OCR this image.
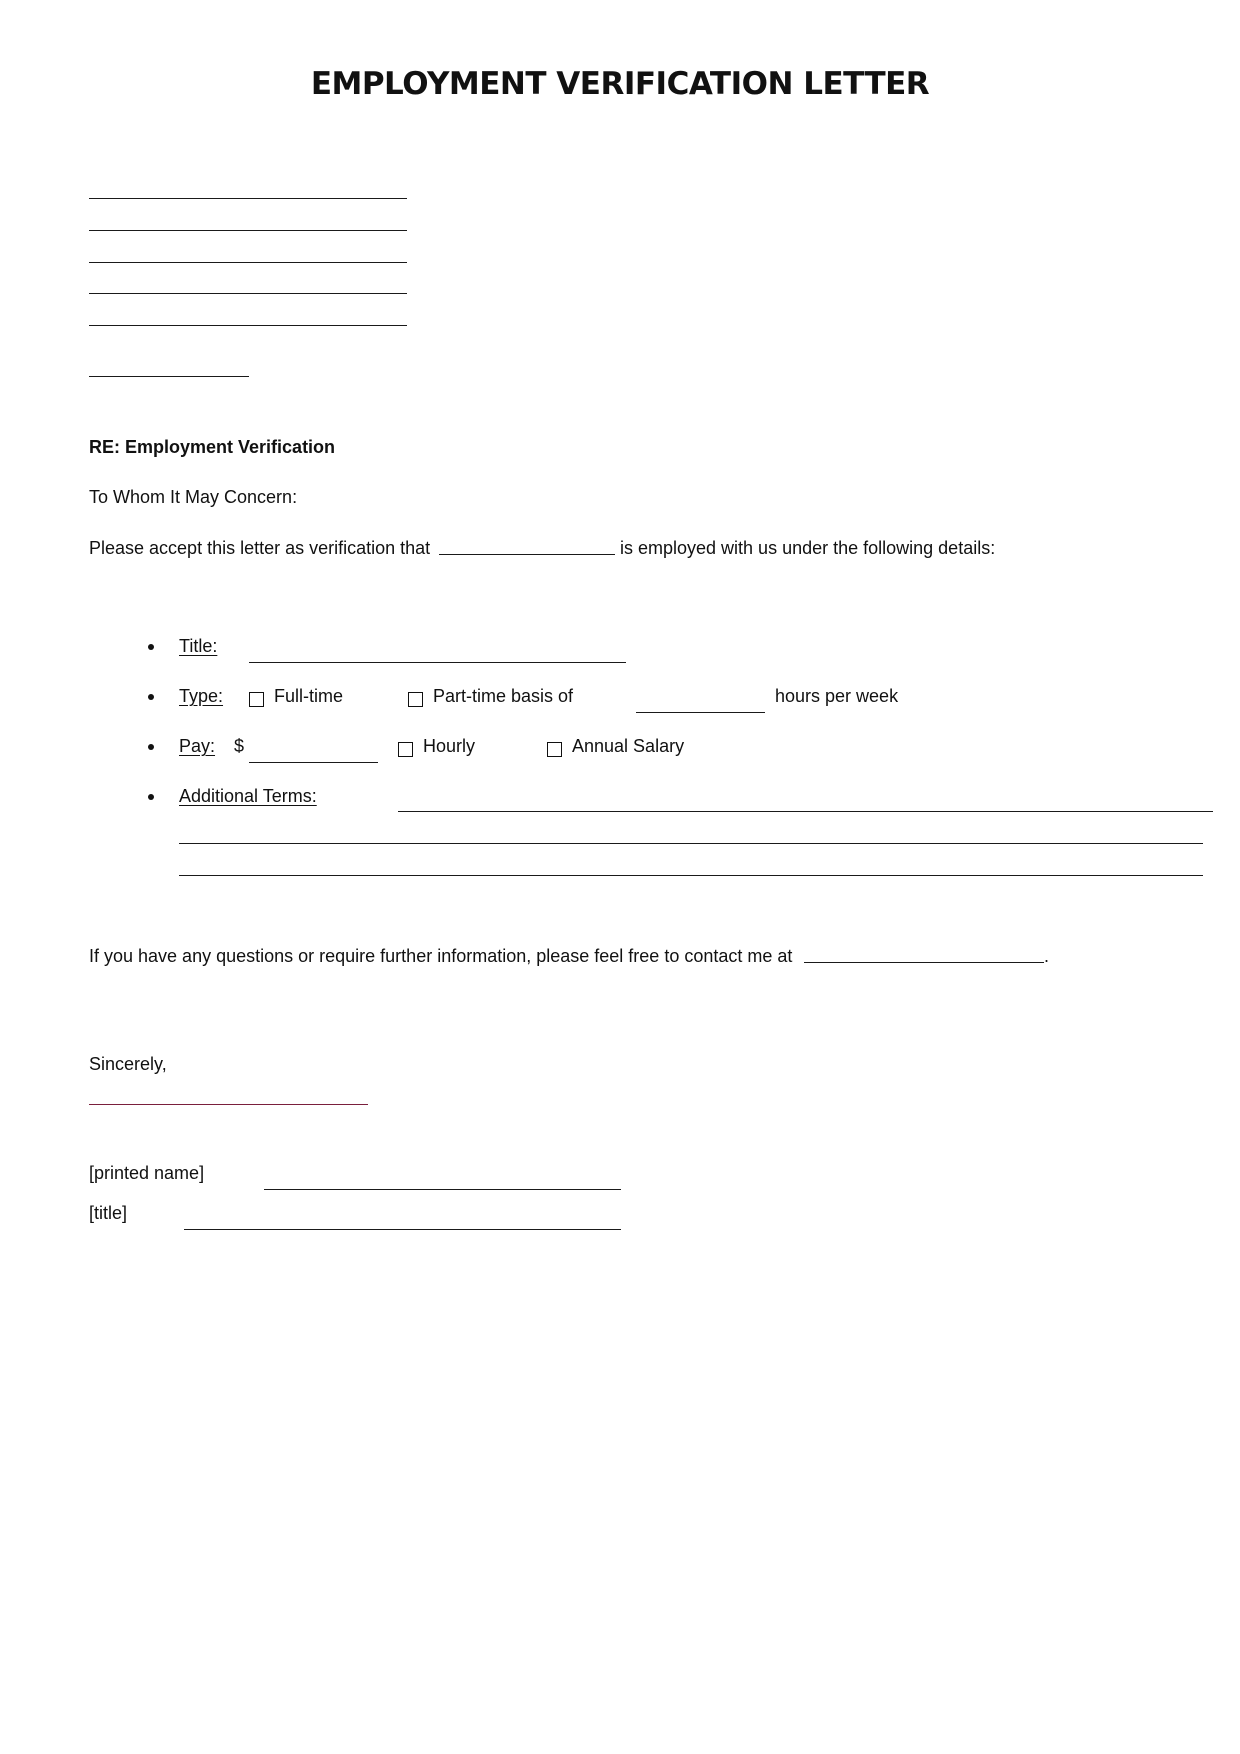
EMPLOYMENT VERIFICATION LETTER
RE: Employment Verification
To Whom It May Concern:
Please accept this letter as verification that	is employed with us under the following details:
Title:
Type:	Full-time	Part-time basis of	hours per week
Pay: $	Hourly	Annual Salary
Additional Terms:
If you have any questions or require further information, please feel free to contact me at	.
Sincerely,
[printed name]
[title]
